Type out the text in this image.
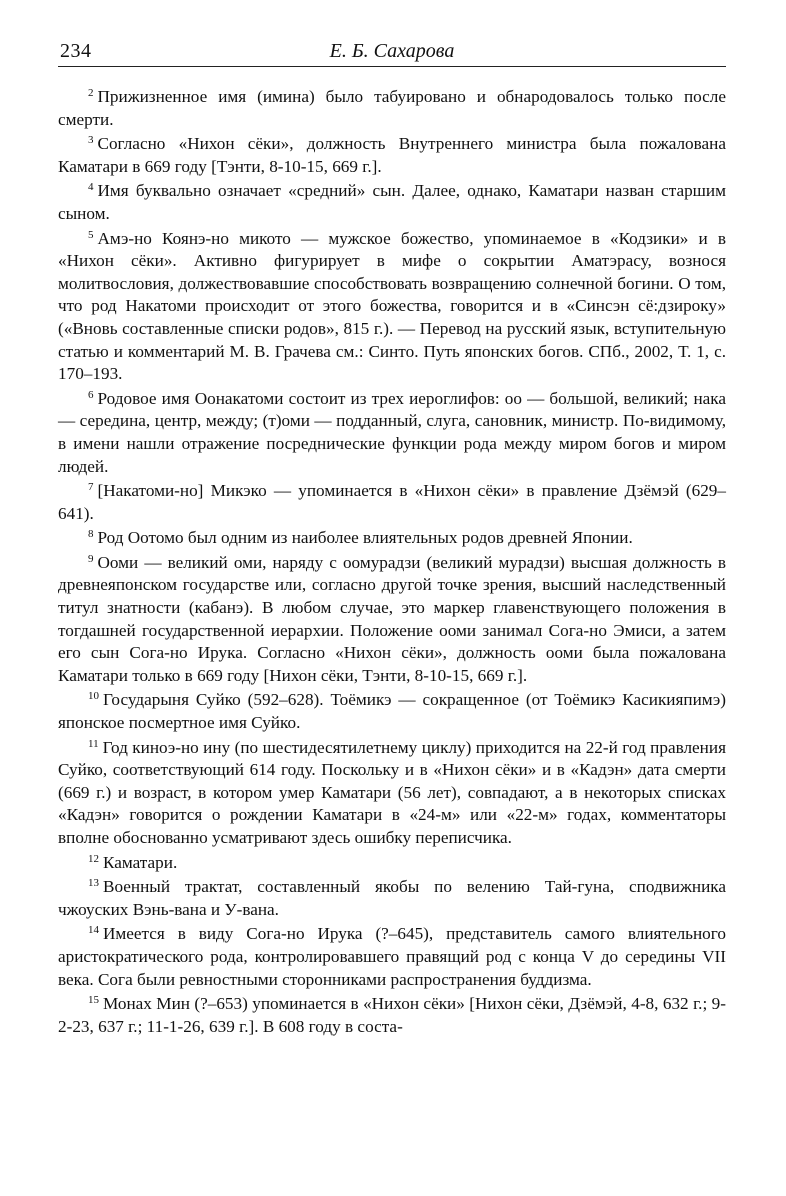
234	Е. Б. Сахарова

$^2$ Прижизненное имя (имина) было табуировано и обнародовалось только после смерти.

$^3$ Согласно «Нихон сёки», должность Внутреннего министра была пожалована Каматари в 669 году [Тэнти, 8-10-15, 669 г.].

$^4$ Имя буквально означает «средний» сын. Далее, однако, Каматари назван старшим сыном.

$^5$ Амэ-но Коянэ-но микото — мужское божество, упоминаемое в «Кодзики» и в «Нихон сёки». Активно фигурирует в мифе о сокрытии Аматэрасу, вознося молитвословия, должествовавшие способствовать возвращению солнечной богини. О том, что род Накатоми происходит от этого божества, говорится и в «Синсэн сё:дзироку» («Вновь составленные списки родов», 815 г.). — Перевод на русский язык, вступительную статью и комментарий М. В. Грачева см.: Синто. Путь японских богов. СПб., 2002, Т. 1, с. 170–193.

$^6$ Родовое имя Оонакатоми состоит из трех иероглифов: оо — большой, великий; нака — середина, центр, между; (т)оми — подданный, слуга, сановник, министр. По-видимому, в имени нашли отражение посреднические функции рода между миром богов и миром людей.

$^7$ [Накатоми-но] Микэко — упоминается в «Нихон сёки» в правление Дзёмэй (629–641).

$^8$ Род Оотомо был одним из наиболее влиятельных родов древней Японии.

$^9$ Ооми — великий оми, наряду с оомурадзи (великий мурадзи) высшая должность в древнеяпонском государстве или, согласно другой точке зрения, высший наследственный титул знатности (кабанэ). В любом случае, это маркер главенствующего положения в тогдашней государственной иерархии. Положение ооми занимал Сога-но Эмиси, а затем его сын Сога-но Ирука. Согласно «Нихон сёки», должность ооми была пожалована Каматари только в 669 году [Нихон сёки, Тэнти, 8-10-15, 669 г.].

$^{10}$ Государыня Суйко (592–628). Тоёмикэ — сокращенное (от Тоёмикэ Касикияпимэ) японское посмертное имя Суйко.

$^{11}$ Год киноэ-но ину (по шестидесятилетнему циклу) приходится на 22-й год правления Суйко, соответствующий 614 году. Поскольку и в «Нихон сёки» и в «Кадэн» дата смерти (669 г.) и возраст, в котором умер Каматари (56 лет), совпадают, а в некоторых списках «Кадэн» говорится о рождении Каматари в «24-м» или «22-м» годах, комментаторы вполне обоснованно усматривают здесь ошибку переписчика.

$^{12}$ Каматари.

$^{13}$ Военный трактат, составленный якобы по велению Тай-гуна, сподвижника чжоуских Вэнь-вана и У-вана.

$^{14}$ Имеется в виду Сога-но Ирука (?–645), представитель самого влиятельного аристократического рода, контролировавшего правящий род с конца V до середины VII века. Сога были ревностными сторонниками распространения буддизма.

$^{15}$ Монах Мин (?–653) упоминается в «Нихон сёки» [Нихон сёки, Дзёмэй, 4-8, 632 г.; 9-2-23, 637 г.; 11-1-26, 639 г.]. В 608 году в соста-
